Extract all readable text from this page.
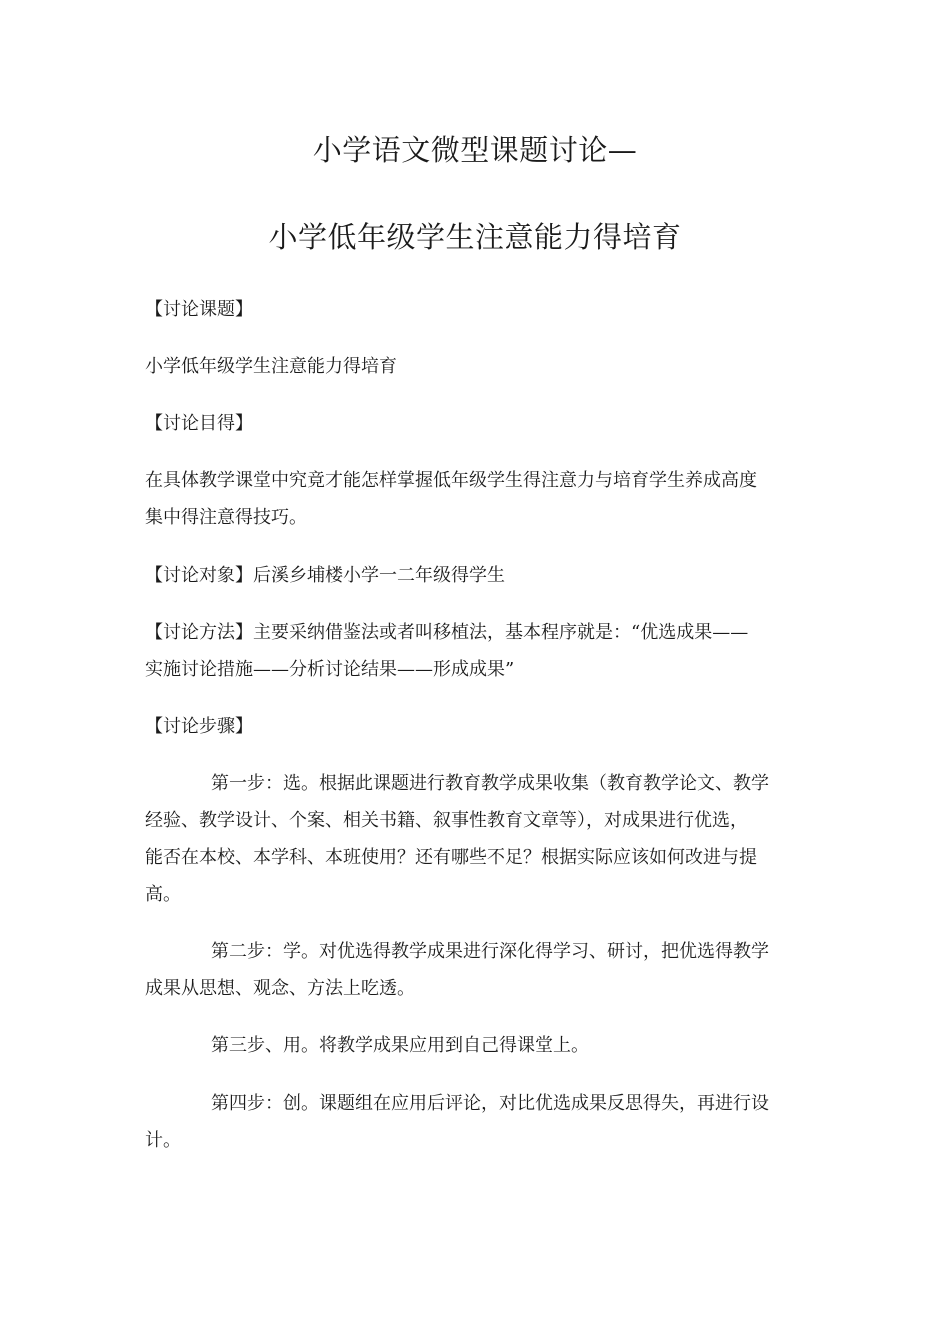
小学语文微型课题讨论—
小学低年级学生注意能力得培育
【讨论课题】
小学低年级学生注意能力得培育
【讨论目得】
在具体教学课堂中究竟才能怎样掌握低年级学生得注意力与培育学生养成高度
集中得注意得技巧。
【讨论对象】后溪乡埔楼小学一二年级得学生
【讨论方法】主要采纳借鉴法或者叫移植法，基本程序就是：“优选成果——
实施讨论措施——分析讨论结果——形成成果”
【讨论步骤】
第一步：选。根据此课题进行教育教学成果收集（教育教学论文、教学
经验、教学设计、个案、相关书籍、叙事性教育文章等），对成果进行优选，
能否在本校、本学科、本班使用？还有哪些不足？根据实际应该如何改进与提
高。
第二步：学。对优选得教学成果进行深化得学习、研讨，把优选得教学
成果从思想、观念、方法上吃透。
第三步、用。将教学成果应用到自己得课堂上。
第四步：创。课题组在应用后评论，对比优选成果反思得失，再进行设
计。
